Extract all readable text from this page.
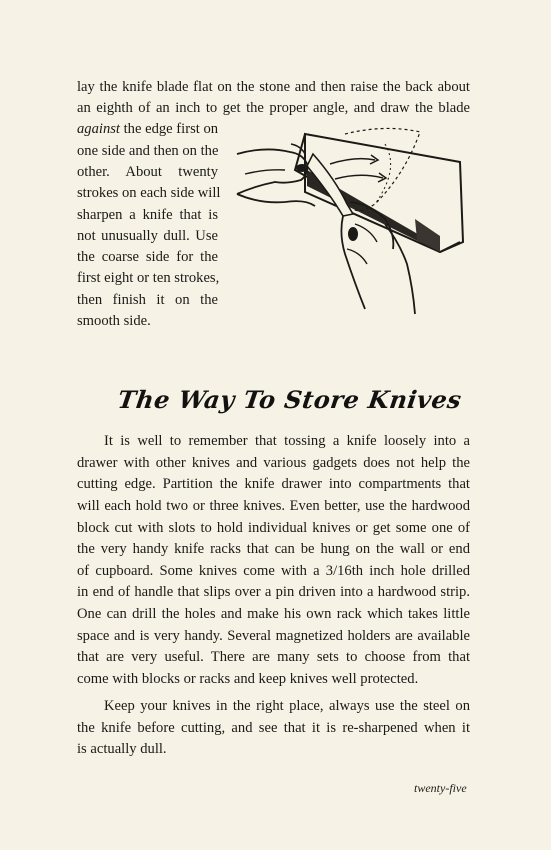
lay the knife blade flat on the stone and then raise the back about
an eighth of an inch to get the proper angle, and draw the blade
against the edge first on
one side and then on the
other. About twenty
strokes on each side will
sharpen a knife that is
not unusually dull. Use
the coarse side for the
first eight or ten strokes,
then finish it on the
smooth side.
The Way To Store Knives
It is well to remember that tossing a knife loosely into a
drawer with other knives and various gadgets does not help the
cutting edge. Partition the knife drawer into compartments that
will each hold two or three knives. Even better, use the hardwood
block cut with slots to hold individual knives or get some one of
the very handy knife racks that can be hung on the wall or end
of cupboard. Some knives come with a 3/16th inch hole drilled
in end of handle that slips over a pin driven into a hardwood strip.
One can drill the holes and make his own rack which takes little
space and is very handy. Several magnetized holders are available
that are very useful. There are many sets to choose from that
come with blocks or racks and keep knives well protected.
Keep your knives in the right place, always use the steel on
the knife before cutting, and see that it is re-sharpened when it
is actually dull.
twenty-five
